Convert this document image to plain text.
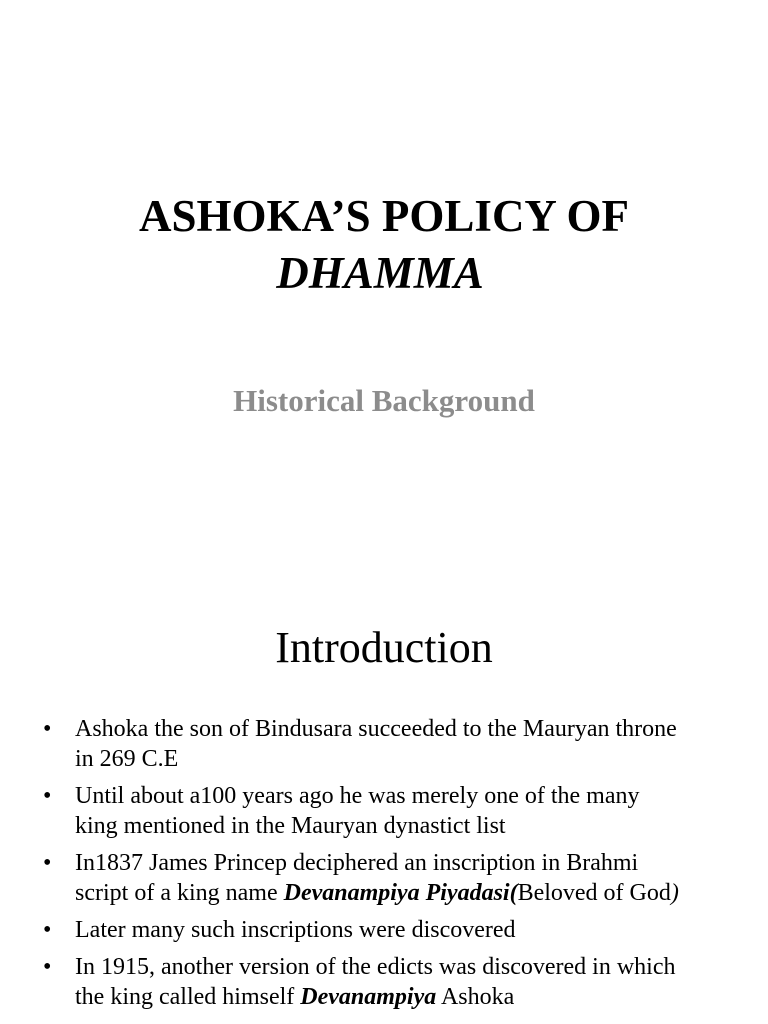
ASHOKA’S POLICY OF
DHAMMA
Historical Background
Introduction
• Ashoka the son of Bindusara succeeded to the Mauryan throne
in 269 C.E
• Until about a100 years ago he was merely one of the many
king mentioned in the Mauryan dynastict list
• In1837 James Princep deciphered an inscription in Brahmi
script of a king name Devanampiya Piyadasi(Beloved of God)
• Later many such inscriptions were discovered
• In 1915, another version of the edicts was discovered in which
the king called himself Devanampiya Ashoka
